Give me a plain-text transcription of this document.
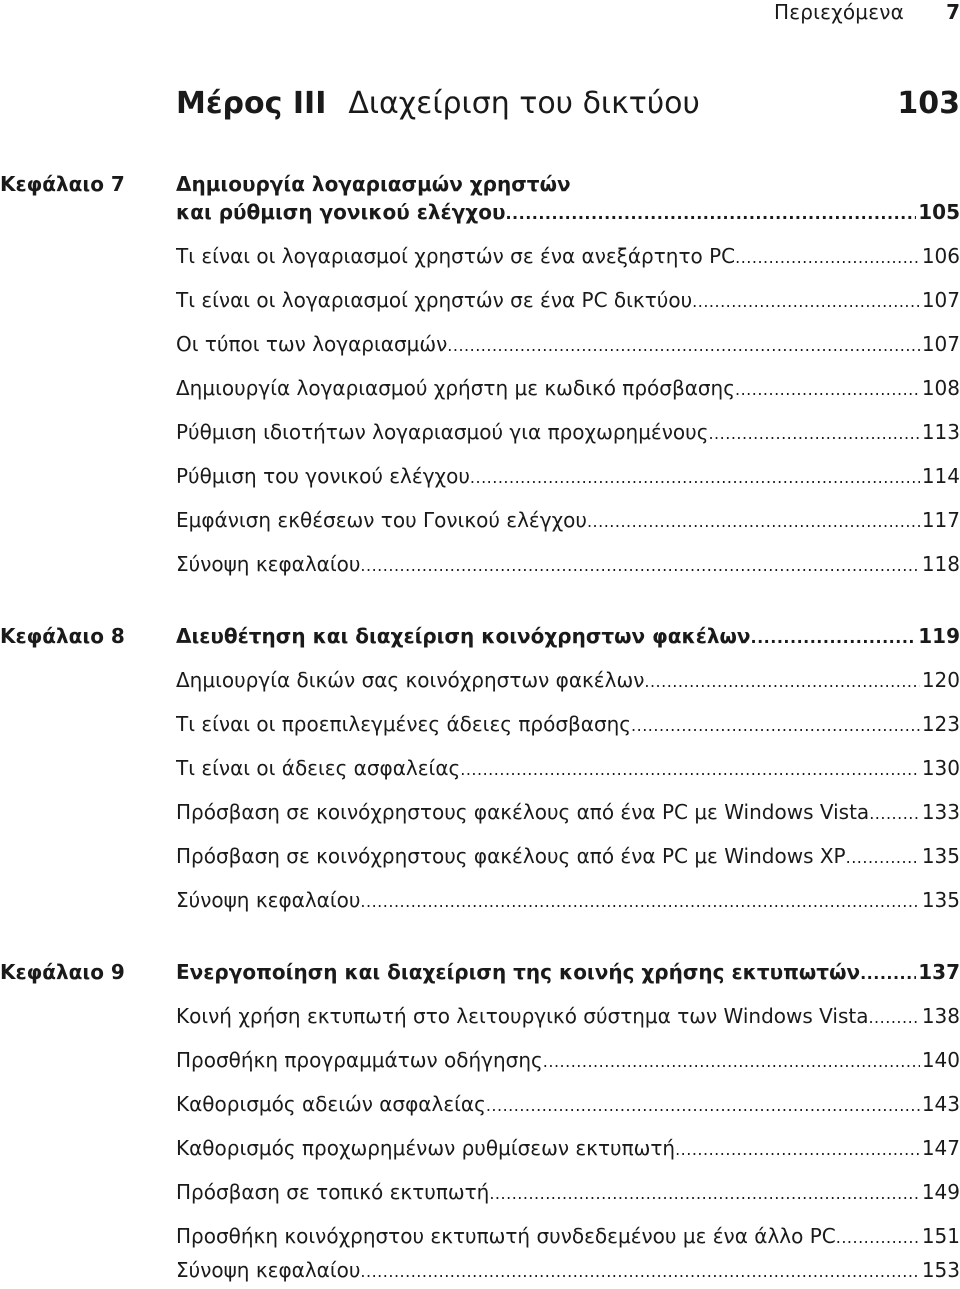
Περιεχόμενα 7
Μέρος III Διαχείριση του δικτύου	103
Κεφάλαιο 7	Δημιουργία λογαριασμών χρηστών
και ρύθμιση γονικού ελέγχου .....	105
Τι είναι οι λογαριασμοί χρηστών σε ένα ανεξάρτητο PC .....	106
Τι είναι οι λογαριασμοί χρηστών σε ένα PC δικτύου .....	107
Οι τύποι των λογαριασμών .....	107
Δημιουργία λογαριασμού χρήστη με κωδικό πρόσβασης .....	108
Ρύθμιση ιδιοτήτων λογαριασμού για προχωρημένους .....	113
Ρύθμιση του γονικού ελέγχου .....	114
Εμφάνιση εκθέσεων του Γονικού ελέγχου .....	117
Σύνοψη κεφαλαίου .....	118
Κεφάλαιο 8	Διευθέτηση και διαχείριση κοινόχρηστων φακέλων .....	119
Δημιουργία δικών σας κοινόχρηστων φακέλων .....	120
Τι είναι οι προεπιλεγμένες άδειες πρόσβασης .....	123
Τι είναι οι άδειες ασφαλείας .....	130
Πρόσβαση σε κοινόχρηστους φακέλους από ένα PC με Windows Vista .....	133
Πρόσβαση σε κοινόχρηστους φακέλους από ένα PC με Windows XP .....	135
Σύνοψη κεφαλαίου .....	135
Κεφάλαιο 9	Ενεργοποίηση και διαχείριση της κοινής χρήσης εκτυπωτών .....	137
Κοινή χρήση εκτυπωτή στο λειτουργικό σύστημα των Windows Vista .....	138
Προσθήκη προγραμμάτων οδήγησης .....	140
Καθορισμός αδειών ασφαλείας .....	143
Καθορισμός προχωρημένων ρυθμίσεων εκτυπωτή .....	147
Πρόσβαση σε τοπικό εκτυπωτή .....	149
Προσθήκη κοινόχρηστου εκτυπωτή συνδεδεμένου με ένα άλλο PC .....	151
Σύνοψη κεφαλαίου .....	153
